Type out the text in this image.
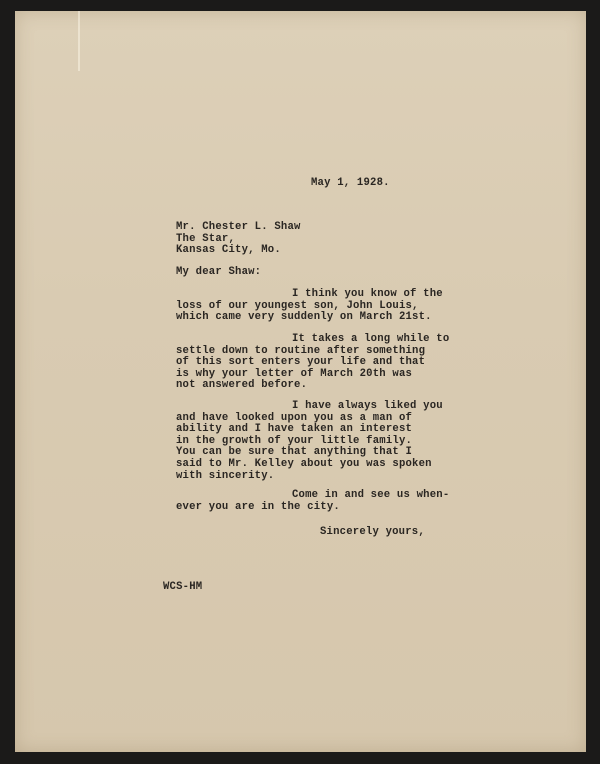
May 1, 1928.

Mr. Chester L. Shaw

The Star,

Kansas City, Mo.

My dear Shaw:

I think you know of the

loss of our youngest son, John Louis,

which came very suddenly on March 21st.

It takes a long while to

settle down to routine after something

of this sort enters your life and that

is why your letter of March 20th was

not answered before.

I have always liked you

and have looked upon you as a man of

ability and I have taken an interest

in the growth of your little family.

You can be sure that anything that I

said to Mr. Kelley about you was spoken

with sincerity.

Come in and see us when-

ever you are in the city.

Sincerely yours,

WCS-HM
